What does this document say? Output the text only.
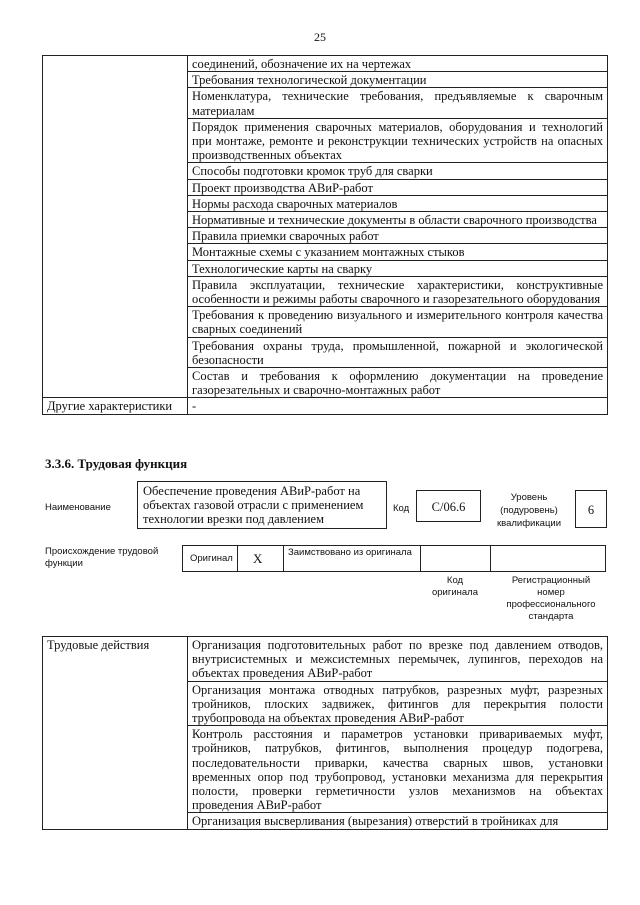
25
	соединений, обозначение их на чертежах
	Требования технологической документации
	Номенклатура, технические требования, предъявляемые к сварочным материалам
	Порядок применения сварочных материалов, оборудования и технологий при монтаже, ремонте и реконструкции технических устройств на опасных производственных объектах
	Способы подготовки кромок труб для сварки
	Проект производства АВиР-работ
	Нормы расхода сварочных материалов
	Нормативные и технические документы в области сварочного производства
	Правила приемки сварочных работ
	Монтажные схемы с указанием монтажных стыков
	Технологические карты на сварку
	Правила эксплуатации, технические характеристики, конструктивные особенности и режимы работы сварочного и газорезательного оборудования
	Требования к проведению визуального и измерительного контроля качества сварных соединений
	Требования охраны труда, промышленной, пожарной и экологической безопасности
	Состав и требования к оформлению документации на проведение газорезательных и сварочно-монтажных работ
Другие характеристики	-
3.3.6. Трудовая функция
Наименование
Обеспечение проведения АВиР-работ на объектах газовой отрасли с применением технологии врезки под давлением
Код	C/06.6
Уровень (подуровень) квалификации
6
Происхождение трудовой функции	Оригинал X	Заимствовано из оригинала
Код оригинала
Регистрационный номер профессионального стандарта
Трудовые действия	Организация подготовительных работ по врезке под давлением отводов, внутрисистемных и межсистемных перемычек, лупингов, переходов на объектах проведения АВиР-работ
Организация монтажа отводных патрубков, разрезных муфт, разрезных тройников, плоских задвижек, фитингов для перекрытия полости трубопровода на объектах проведения АВиР-работ
Контроль расстояния и параметров установки привариваемых муфт, тройников, патрубков, фитингов, выполнения процедур подогрева, последовательности приварки, качества сварных швов, установки временных опор под трубопровод, установки механизма для перекрытия полости, проверки герметичности узлов механизмов на объектах проведения АВиР-работ
Организация высверливания (вырезания) отверстий в тройниках для
